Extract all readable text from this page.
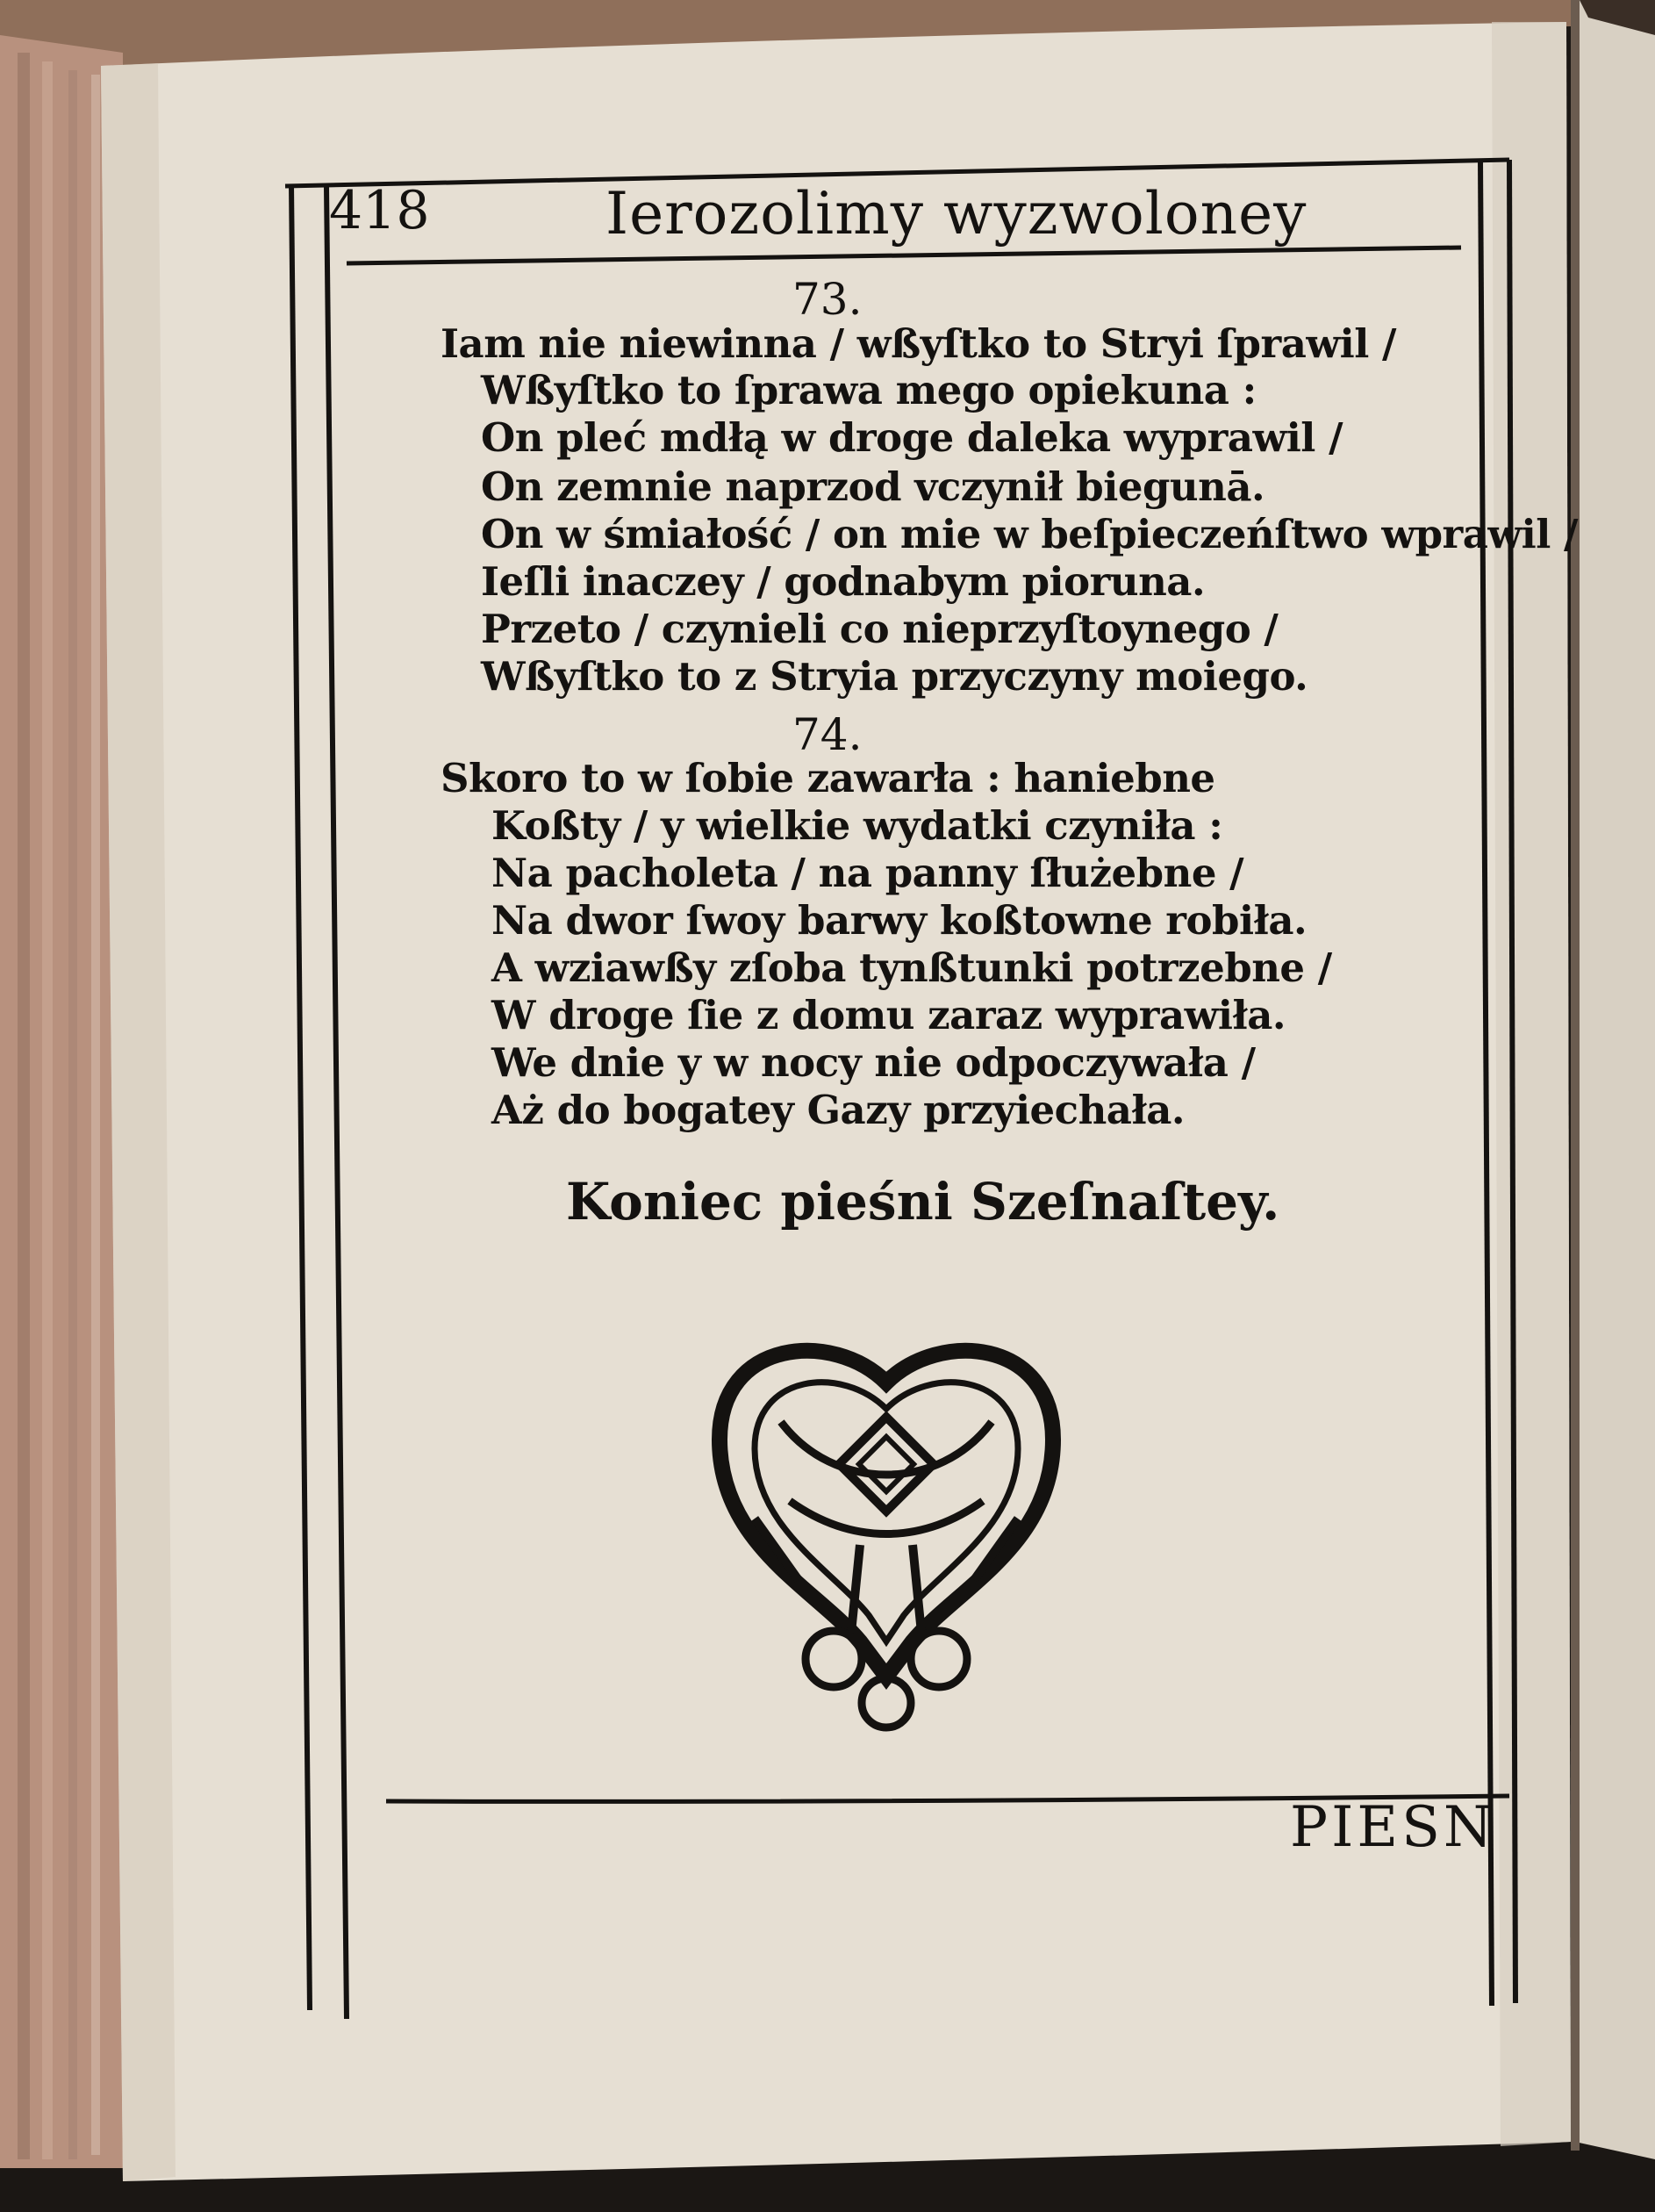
418	Ierozolimy wyzwoloney
73.
Iam nie niewinna / wßyſtko to Stryi ſprawil /
Wßyſtko to ſprawa mego opiekuna :
On pleć mdłą w droge daleka wyprawil /
On zemnie naprzod vczynił biegunā.
On w śmiałość / on mie w beſpieczeńſtwo wprawil /
Ieſli inaczey / godnabym pioruna.
Przeto / czynieli co nieprzyſtoynego /
Wßyſtko to z Stryia przyczyny moiego.
74.
Skoro to w ſobie zawarła : haniebne
Koßty / y wielkie wydatki czyniła :
Na pacholeta / na panny ſłużebne /
Na dwor ſwoy barwy koßtowne robiła.
A wziawßy zſoba tynßtunki potrzebne /
W droge ſie z domu zaraz wyprawiła.
We dnie y w nocy nie odpoczywała /
Aż do bogatey Gazy przyiechała.
Koniec pieśni Szeſnaſtey.
PIESN
